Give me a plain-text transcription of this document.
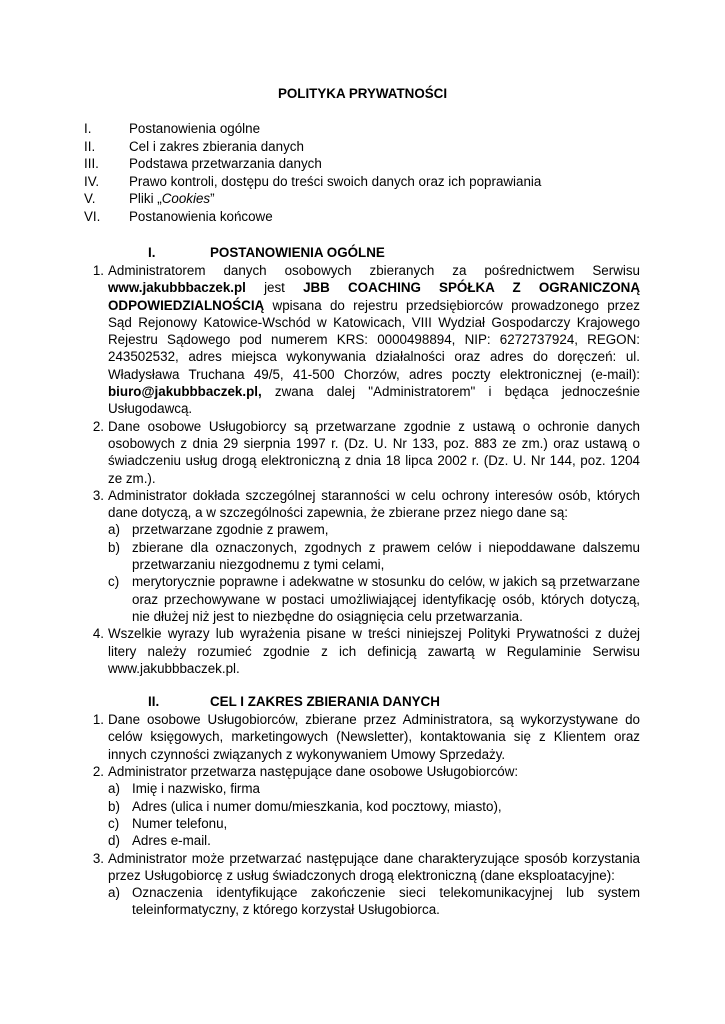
POLITYKA PRYWATNOŚCI
I.	Postanowienia ogólne
II.	Cel i zakres zbierania danych
III.	Podstawa przetwarzania danych
IV.	Prawo kontroli, dostępu do treści swoich danych oraz ich poprawiania
V.	Pliki „Cookies”
VI.	Postanowienia końcowe
I.	POSTANOWIENIA OGÓLNE
1. Administratorem danych osobowych zbieranych za pośrednictwem Serwisu www.jakubbbaczek.pl jest JBB COACHING SPÓŁKA Z OGRANICZONĄ ODPOWIEDZIALNOŚCIĄ wpisana do rejestru przedsiębiorców prowadzonego przez Sąd Rejonowy Katowice-Wschód w Katowicach, VIII Wydział Gospodarczy Krajowego Rejestru Sądowego pod numerem KRS: 0000498894, NIP: 6272737924, REGON: 243502532, adres miejsca wykonywania działalności oraz adres do doręczeń: ul. Władysława Truchana 49/5, 41-500 Chorzów, adres poczty elektronicznej (e-mail): biuro@jakubbbaczek.pl, zwana dalej "Administratorem" i będąca jednocześnie Usługodawcą.
2. Dane osobowe Usługobiorcy są przetwarzane zgodnie z ustawą o ochronie danych osobowych z dnia 29 sierpnia 1997 r. (Dz. U. Nr 133, poz. 883 ze zm.) oraz ustawą o świadczeniu usług drogą elektroniczną z dnia 18 lipca 2002 r. (Dz. U. Nr 144, poz. 1204 ze zm.).
3. Administrator dokłada szczególnej staranności w celu ochrony interesów osób, których dane dotyczą, a w szczególności zapewnia, że zbierane przez niego dane są:
a) przetwarzane zgodnie z prawem,
b) zbierane dla oznaczonych, zgodnych z prawem celów i niepoddawane dalszemu przetwarzaniu niezgodnemu z tymi celami,
c) merytorycznie poprawne i adekwatne w stosunku do celów, w jakich są przetwarzane oraz przechowywane w postaci umożliwiającej identyfikację osób, których dotyczą, nie dłużej niż jest to niezbędne do osiągnięcia celu przetwarzania.
4. Wszelkie wyrazy lub wyrażenia pisane w treści niniejszej Polityki Prywatności z dużej litery należy rozumieć zgodnie z ich definicją zawartą w Regulaminie Serwisu www.jakubbbaczek.pl.
II.	CEL I ZAKRES ZBIERANIA DANYCH
1. Dane osobowe Usługobiorców, zbierane przez Administratora, są wykorzystywane do celów księgowych, marketingowych (Newsletter), kontaktowania się z Klientem oraz innych czynności związanych z wykonywaniem Umowy Sprzedaży.
2. Administrator przetwarza następujące dane osobowe Usługobiorców:
a) Imię i nazwisko, firma
b) Adres (ulica i numer domu/mieszkania, kod pocztowy, miasto),
c) Numer telefonu,
d) Adres e-mail.
3. Administrator może przetwarzać następujące dane charakteryzujące sposób korzystania przez Usługobiorcę z usług świadczonych drogą elektroniczną (dane eksploatacyjne):
a) Oznaczenia identyfikujące zakończenie sieci telekomunikacyjnej lub system teleinformatyczny, z którego korzystał Usługobiorca.
